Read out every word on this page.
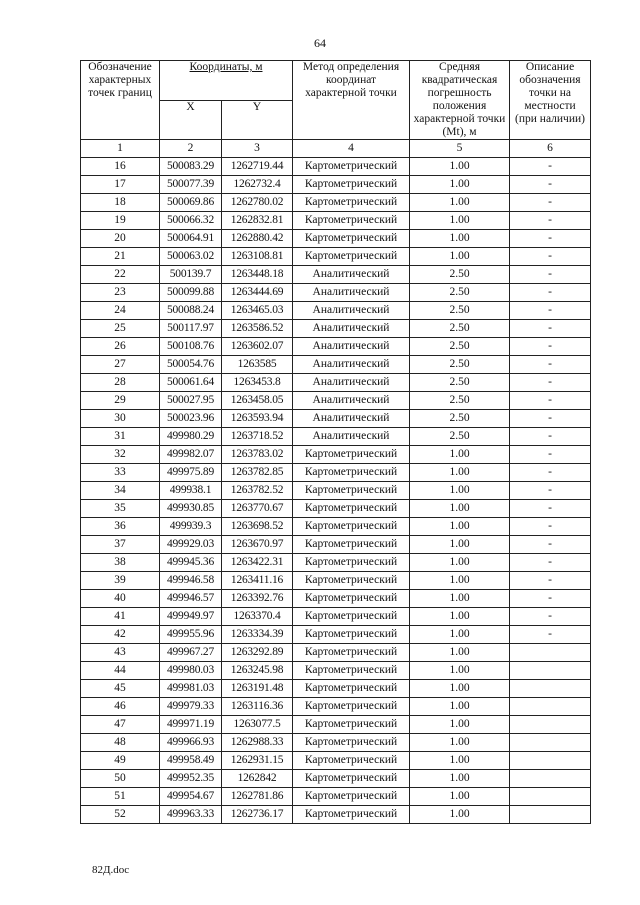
64
Обозначение характерных точек границ	Координаты, м		Метод определения координат характерной точки	Средняя квадратическая погрешность положения характерной точки (Mt), м	Описание обозначения точки на местности (при наличии)
	X	Y			
1	2	3	4	5	6
16	500083.29	1262719.44	Картометрический	1.00	-
17	500077.39	1262732.4	Картометрический	1.00	-
18	500069.86	1262780.02	Картометрический	1.00	-
19	500066.32	1262832.81	Картометрический	1.00	-
20	500064.91	1262880.42	Картометрический	1.00	-
21	500063.02	1263108.81	Картометрический	1.00	-
22	500139.7	1263448.18	Аналитический	2.50	-
23	500099.88	1263444.69	Аналитический	2.50	-
24	500088.24	1263465.03	Аналитический	2.50	-
25	500117.97	1263586.52	Аналитический	2.50	-
26	500108.76	1263602.07	Аналитический	2.50	-
27	500054.76	1263585	Аналитический	2.50	-
28	500061.64	1263453.8	Аналитический	2.50	-
29	500027.95	1263458.05	Аналитический	2.50	-
30	500023.96	1263593.94	Аналитический	2.50	-
31	499980.29	1263718.52	Аналитический	2.50	-
32	499982.07	1263783.02	Картометрический	1.00	-
33	499975.89	1263782.85	Картометрический	1.00	-
34	499938.1	1263782.52	Картометрический	1.00	-
35	499930.85	1263770.67	Картометрический	1.00	-
36	499939.3	1263698.52	Картометрический	1.00	-
37	499929.03	1263670.97	Картометрический	1.00	-
38	499945.36	1263422.31	Картометрический	1.00	-
39	499946.58	1263411.16	Картометрический	1.00	-
40	499946.57	1263392.76	Картометрический	1.00	-
41	499949.97	1263370.4	Картометрический	1.00	-
42	499955.96	1263334.39	Картометрический	1.00	-
43	499967.27	1263292.89	Картометрический	1.00	
44	499980.03	1263245.98	Картометрический	1.00	
45	499981.03	1263191.48	Картометрический	1.00	
46	499979.33	1263116.36	Картометрический	1.00	
47	499971.19	1263077.5	Картометрический	1.00	
48	499966.93	1262988.33	Картометрический	1.00	
49	499958.49	1262931.15	Картометрический	1.00	
50	499952.35	1262842	Картометрический	1.00	
51	499954.67	1262781.86	Картометрический	1.00	
52	499963.33	1262736.17	Картометрический	1.00	
82Д.doc
